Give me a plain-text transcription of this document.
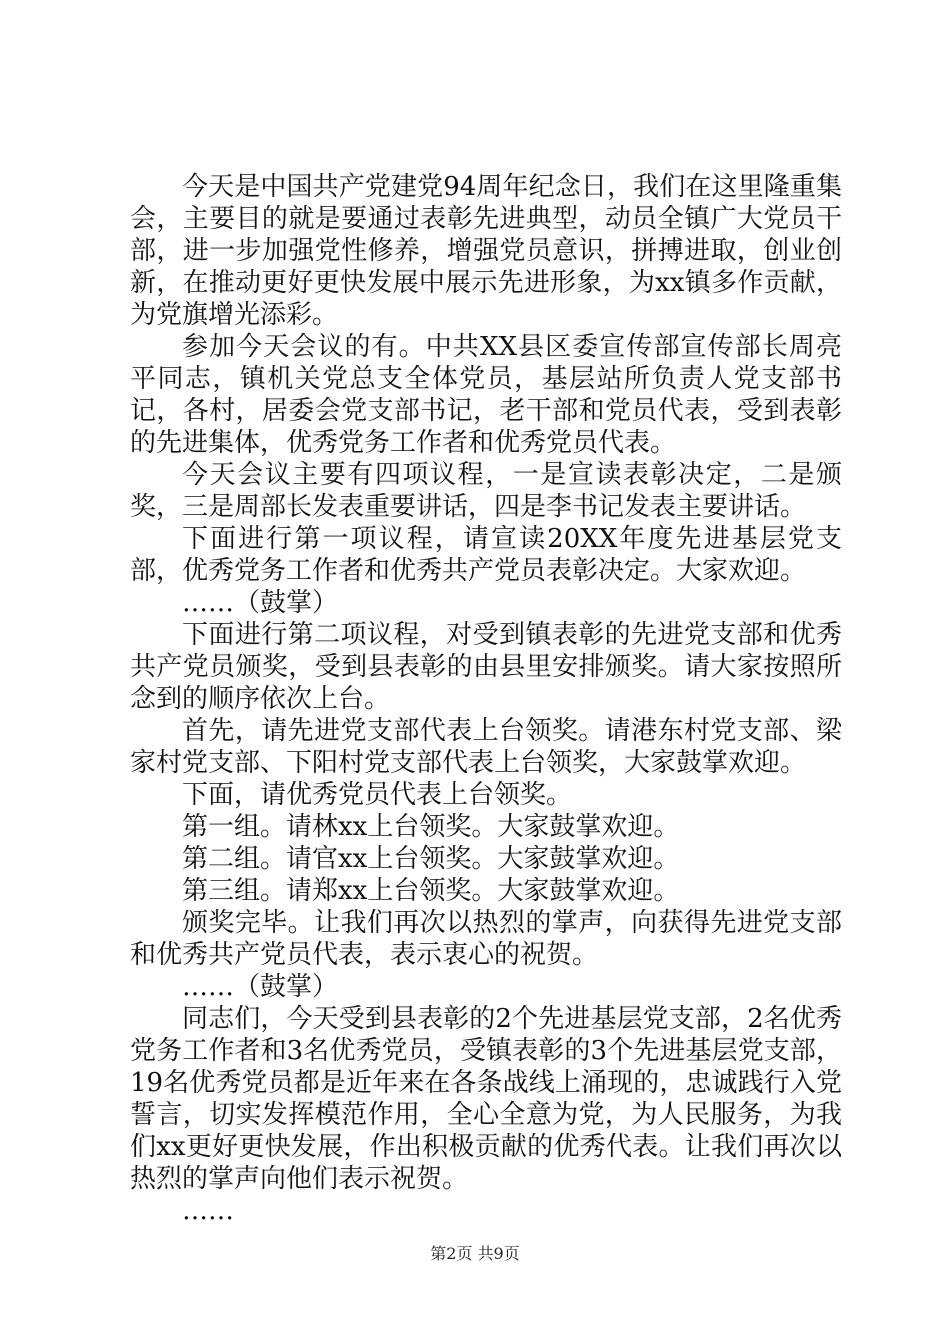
今天是中国共产党建党94周年纪念日，我们在这里隆重集会，主要目的就是要通过表彰先进典型，动员全镇广大党员干部，进一步加强党性修养，增强党员意识，拼搏进取，创业创新，在推动更好更快发展中展示先进形象，为xx镇多作贡献，为党旗增光添彩。

参加今天会议的有。中共XX县区委宣传部宣传部长周亮平同志，镇机关党总支全体党员，基层站所负责人党支部书记，各村，居委会党支部书记，老干部和党员代表，受到表彰的先进集体，优秀党务工作者和优秀党员代表。

今天会议主要有四项议程，一是宣读表彰决定，二是颁奖，三是周部长发表重要讲话，四是李书记发表主要讲话。

下面进行第一项议程，请宣读20XX年度先进基层党支部，优秀党务工作者和优秀共产党员表彰决定。大家欢迎。

……（鼓掌）

下面进行第二项议程，对受到镇表彰的先进党支部和优秀共产党员颁奖，受到县表彰的由县里安排颁奖。请大家按照所念到的顺序依次上台。

首先，请先进党支部代表上台领奖。请港东村党支部、梁家村党支部、下阳村党支部代表上台领奖，大家鼓掌欢迎。

下面，请优秀党员代表上台领奖。

第一组。请林xx上台领奖。大家鼓掌欢迎。

第二组。请官xx上台领奖。大家鼓掌欢迎。

第三组。请郑xx上台领奖。大家鼓掌欢迎。

颁奖完毕。让我们再次以热烈的掌声，向获得先进党支部和优秀共产党员代表，表示衷心的祝贺。

……（鼓掌）

同志们，今天受到县表彰的2个先进基层党支部，2名优秀党务工作者和3名优秀党员，受镇表彰的3个先进基层党支部，19名优秀党员都是近年来在各条战线上涌现的，忠诚践行入党誓言，切实发挥模范作用，全心全意为党，为人民服务，为我们xx更好更快发展，作出积极贡献的优秀代表。让我们再次以热烈的掌声向他们表示祝贺。

……

第2页 共9页
